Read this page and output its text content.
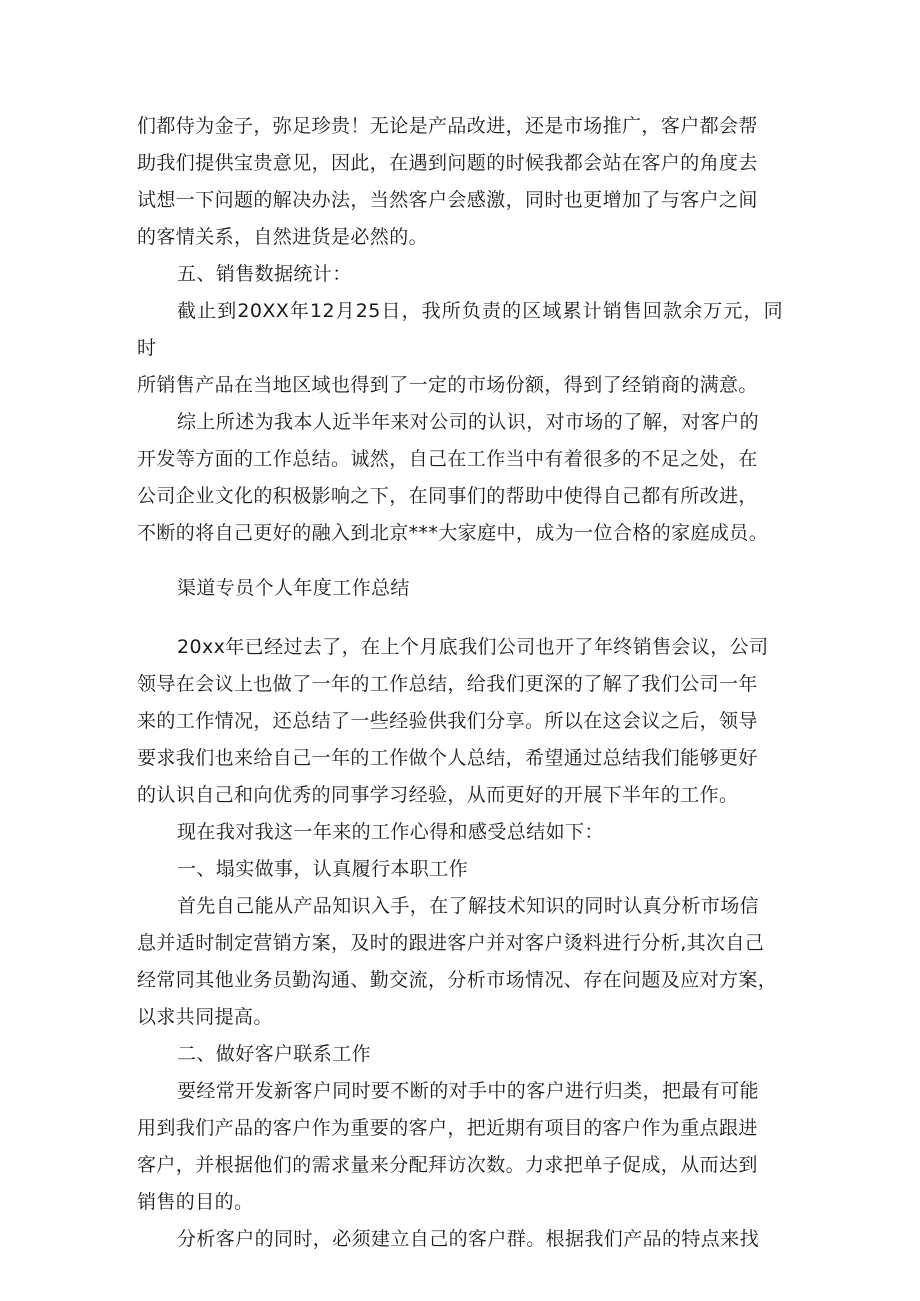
们都侍为金子，弥足珍贵！无论是产品改进，还是市场推广，客户都会帮
助我们提供宝贵意见，因此，在遇到问题的时候我都会站在客户的角度去
试想一下问题的解决办法，当然客户会感激，同时也更增加了与客户之间
的客情关系，自然进货是必然的。

五、销售数据统计：

截止到20XX年12月25日，我所负责的区域累计销售回款余万元，同时
所销售产品在当地区域也得到了一定的市场份额，得到了经销商的满意。

综上所述为我本人近半年来对公司的认识，对市场的了解，对客户的
开发等方面的工作总结。诚然，自己在工作当中有着很多的不足之处，在
公司企业文化的积极影响之下，在同事们的帮助中使得自己都有所改进，
不断的将自己更好的融入到北京***大家庭中，成为一位合格的家庭成员。

渠道专员个人年度工作总结

20xx年已经过去了，在上个月底我们公司也开了年终销售会议，公司
领导在会议上也做了一年的工作总结，给我们更深的了解了我们公司一年
来的工作情况，还总结了一些经验供我们分享。所以在这会议之后，领导
要求我们也来给自己一年的工作做个人总结，希望通过总结我们能够更好
的认识自己和向优秀的同事学习经验，从而更好的开展下半年的工作。

现在我对我这一年来的工作心得和感受总结如下：

一、塌实做事，认真履行本职工作

首先自己能从产品知识入手，在了解技术知识的同时认真分析市场信
息并适时制定营销方案，及时的跟进客户并对客户烫料进行分析,其次自己
经常同其他业务员勤沟通、勤交流，分析市场情况、存在问题及应对方案，
以求共同提高。

二、做好客户联系工作

要经常开发新客户同时要不断的对手中的客户进行归类，把最有可能
用到我们产品的客户作为重要的客户，把近期有项目的客户作为重点跟进
客户，并根据他们的需求量来分配拜访次数。力求把单子促成，从而达到
销售的目的。

分析客户的同时，必须建立自己的客户群。根据我们产品的特点来找
